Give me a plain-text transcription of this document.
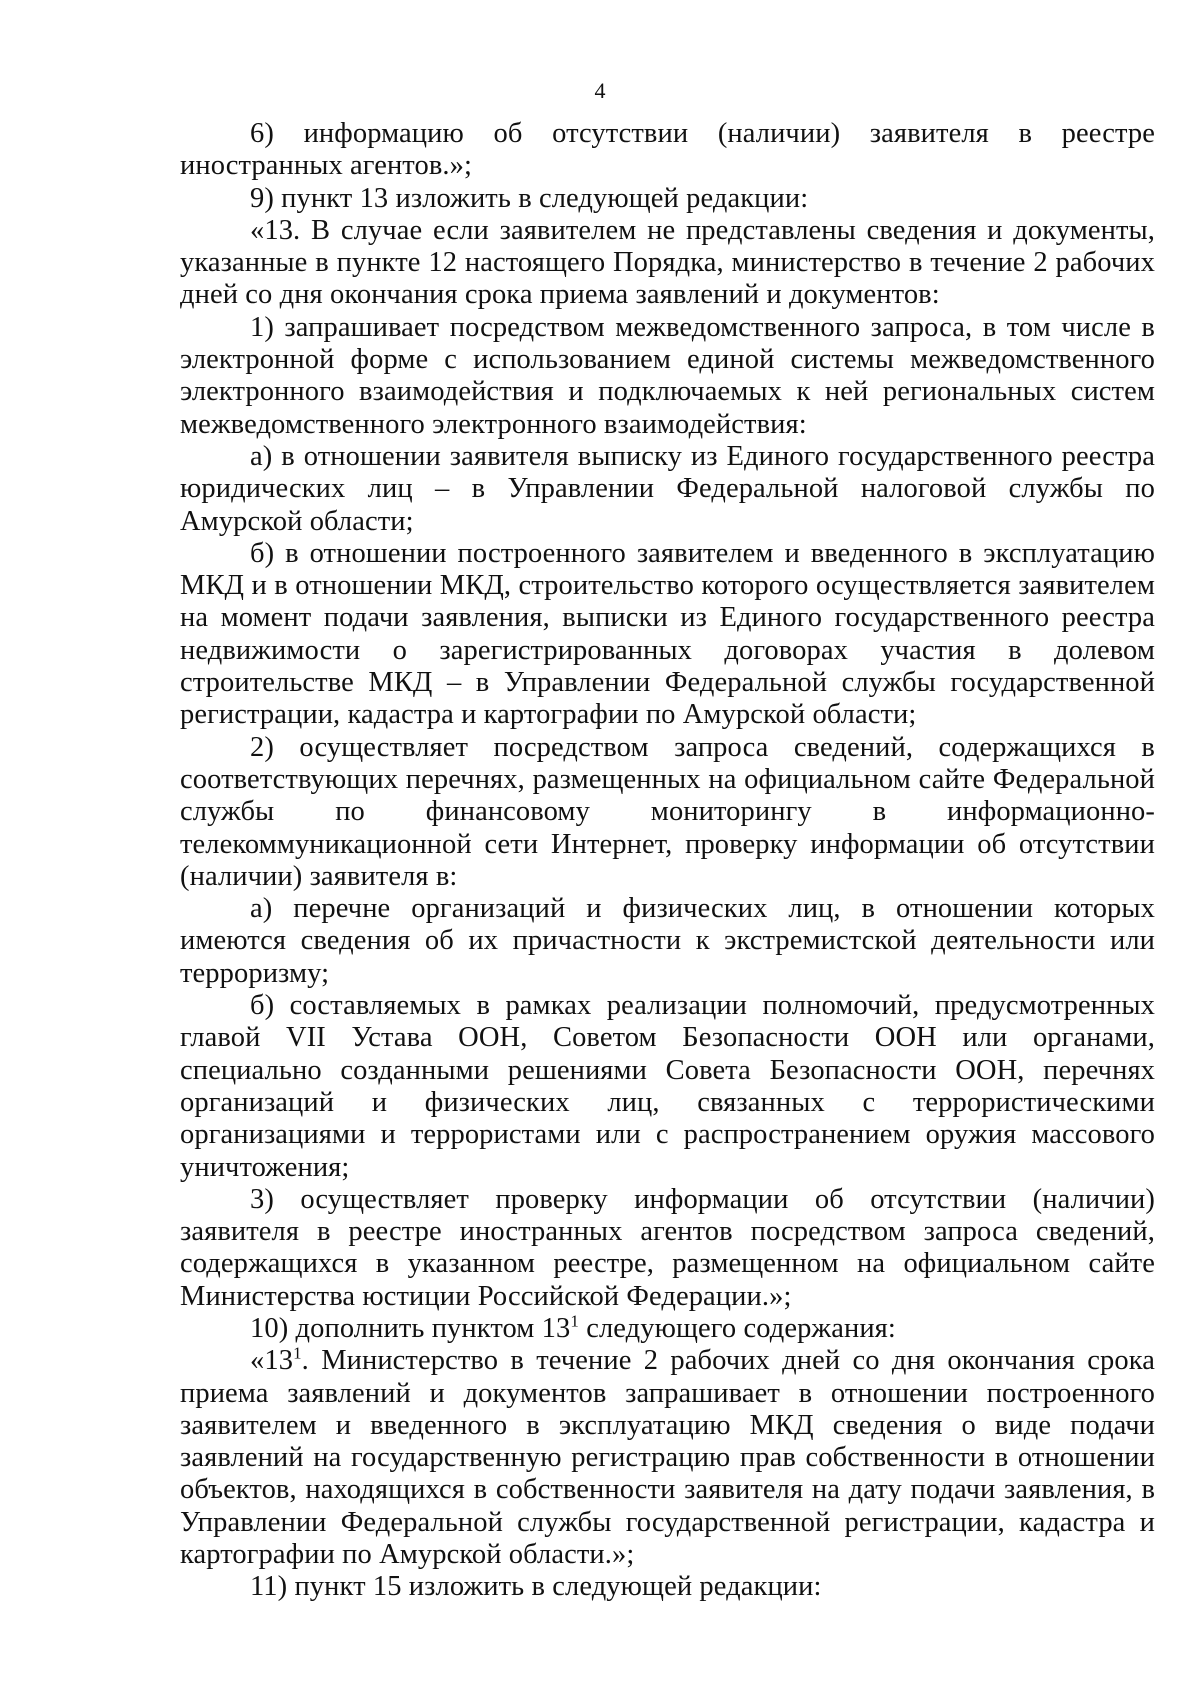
4

6) информацию об отсутствии (наличии) заявителя в реестре иностранных агентов.»;

9) пункт 13 изложить в следующей редакции:

«13. В случае если заявителем не представлены сведения и документы, указанные в пункте 12 настоящего Порядка, министерство в течение 2 рабочих дней со дня окончания срока приема заявлений и документов:

1) запрашивает посредством межведомственного запроса, в том числе в электронной форме с использованием единой системы межведомственного электронного взаимодействия и подключаемых к ней региональных систем межведомственного электронного взаимодействия:

а) в отношении заявителя выписку из Единого государственного реестра юридических лиц – в Управлении Федеральной налоговой службы по Амурской области;

б) в отношении построенного заявителем и введенного в эксплуатацию МКД и в отношении МКД, строительство которого осуществляется заявителем на момент подачи заявления, выписки из Единого государственного реестра недвижимости о зарегистрированных договорах участия в долевом строительстве МКД – в Управлении Федеральной службы государственной регистрации, кадастра и картографии по Амурской области;

2) осуществляет посредством запроса сведений, содержащихся в соответствующих перечнях, размещенных на официальном сайте Федеральной службы по финансовому мониторингу в информационно-телекоммуникационной сети Интернет, проверку информации об отсутствии (наличии) заявителя в:

а) перечне организаций и физических лиц, в отношении которых имеются сведения об их причастности к экстремистской деятельности или терроризму;

б) составляемых в рамках реализации полномочий, предусмотренных главой VII Устава ООН, Советом Безопасности ООН или органами, специально созданными решениями Совета Безопасности ООН, перечнях организаций и физических лиц, связанных с террористическими организациями и террористами или с распространением оружия массового уничтожения;

3) осуществляет проверку информации об отсутствии (наличии) заявителя в реестре иностранных агентов посредством запроса сведений, содержащихся в указанном реестре, размещенном на официальном сайте Министерства юстиции Российской Федерации.»;

10) дополнить пунктом $13^1$ следующего содержания:

«$13^1$. Министерство в течение 2 рабочих дней со дня окончания срока приема заявлений и документов запрашивает в отношении построенного заявителем и введенного в эксплуатацию МКД сведения о виде подачи заявлений на государственную регистрацию прав собственности в отношении объектов, находящихся в собственности заявителя на дату подачи заявления, в Управлении Федеральной службы государственной регистрации, кадастра и картографии по Амурской области.»;

11) пункт 15 изложить в следующей редакции:
